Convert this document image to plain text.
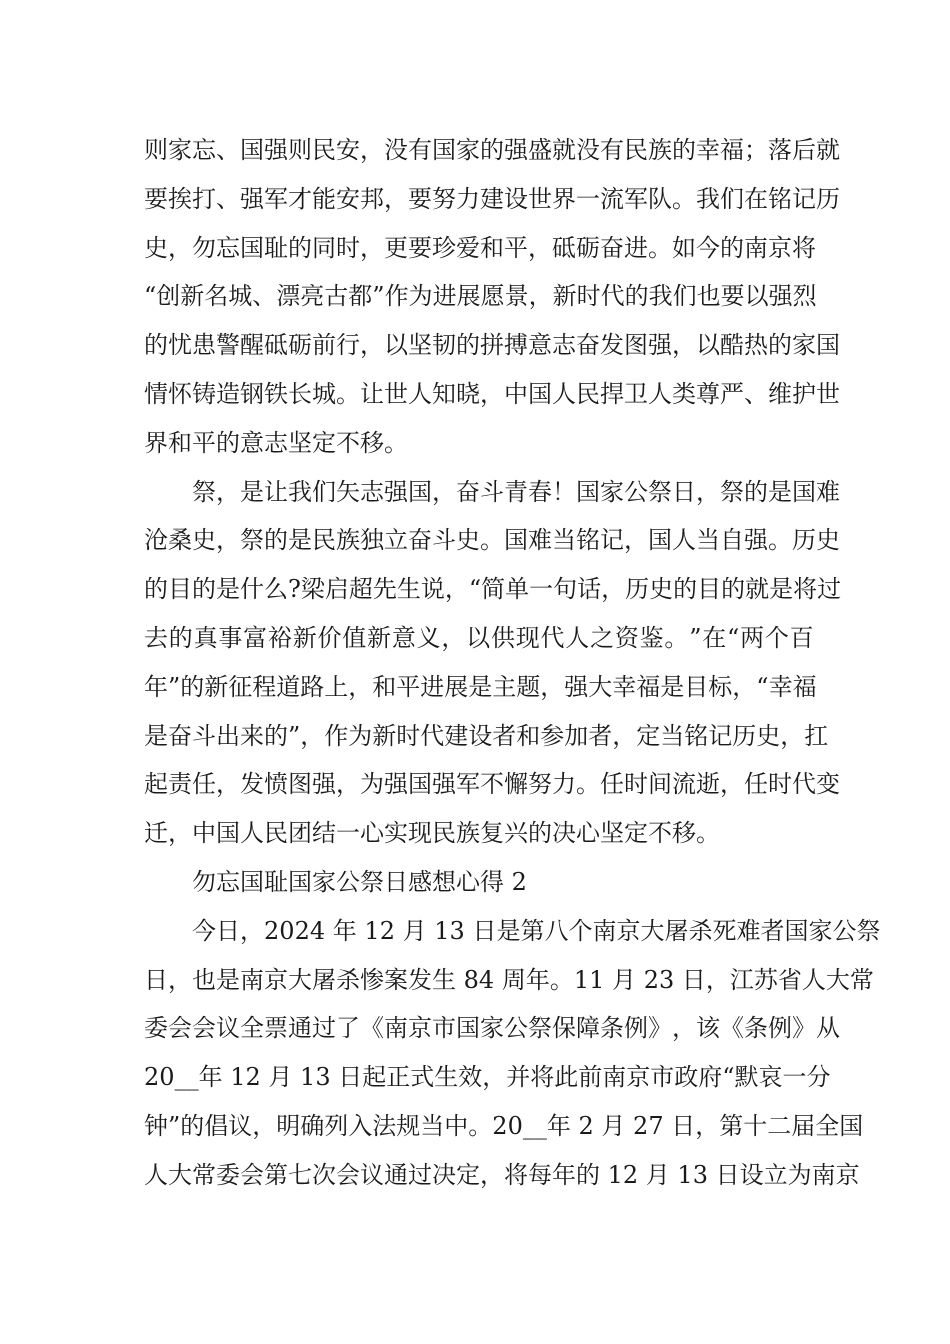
则 家 忘 、 国 强 则 民 安 ， 没 有 国 家 的 强 盛 就 没 有 民 族 的 幸 福 ； 落 后 就
要 挨 打 、 强 军 才 能 安 邦 ， 要 努 力 建 设 世 界 一 流 军 队 。 我 们 在 铭 记 历
史 ， 勿 忘 国 耻 的 同 时 ， 更 要 珍 爱 和 平 ， 砥 砺 奋 进 。 如 今 的 南 京 将
“ 创 新 名 城 、 漂 亮 古 都 ” 作 为 进 展 愿 景 ， 新 时 代 的 我 们 也 要 以 强 烈
的 忧 患 警 醒 砥 砺 前 行 ， 以 坚 韧 的 拼 搏 意 志 奋 发 图 强 ， 以 酷 热 的 家 国
情 怀 铸 造 钢 铁 长 城 。 让 世 人 知 晓 ， 中 国 人 民 捍 卫 人 类 尊 严 、 维 护 世
界和平的意志坚定不移。

祭 ， 是 让 我 们 矢 志 强 国 ， 奋 斗 青 春 ！ 国 家 公 祭 日 ， 祭 的 是 国 难
沧 桑 史 ， 祭 的 是 民 族 独 立 奋 斗 史 。 国 难 当 铭 记 ， 国 人 当 自 强 。 历 史
的 目 的 是 什 么 ? 梁 启 超 先 生 说 ， “ 简 单 一 句 话 ， 历 史 的 目 的 就 是 将 过
去 的 真 事 富 裕 新 价 值 新 意 义 ， 以 供 现 代 人 之 资 鉴 。 ” 在 “ 两 个 百
年 ” 的 新 征 程 道 路 上 ， 和 平 进 展 是 主 题 ， 强 大 幸 福 是 目 标 ， “ 幸 福
是 奋 斗 出 来 的 ” ， 作 为 新 时 代 建 设 者 和 参 加 者 ， 定 当 铭 记 历 史 ， 扛
起 责 任 ， 发 愤 图 强 ， 为 强 国 强 军 不 懈 努 力 。 任 时 间 流 逝 ， 任 时 代 变
迁，中国人民团结一心实现民族复兴的决心坚定不移。
　　勿忘国耻国家公祭日感想心得 2

今 日 ， 2 0 2 4
年
1 2
月
1 3
日 是 第 八 个 南 京 大 屠 杀 死 难 者 国 家 公 祭
日 ， 也 是 南 京 大 屠 杀 惨 案 发 生
8 4
周 年 。 1 1
月
2 3
日 ， 江 苏 省 人 大 常
委 会 会 议 全 票 通 过 了 《 南 京 市 国 家 公 祭 保 障 条 例 》 ， 该 《 条 例 》 从
2 0 _ _ 年
1 2
月
1 3
日 起 正 式 生 效 ， 并 将 此 前 南 京 市 政 府 “ 默 哀 一 分
钟 ” 的 倡 议 ， 明 确 列 入 法 规 当 中 。 2 0 _ _ 年
2
月
2 7
日 ， 第 十 二 届 全 国
人大常委会第七次会议通过决定，将每年的 12 月 13 日设立为南京
